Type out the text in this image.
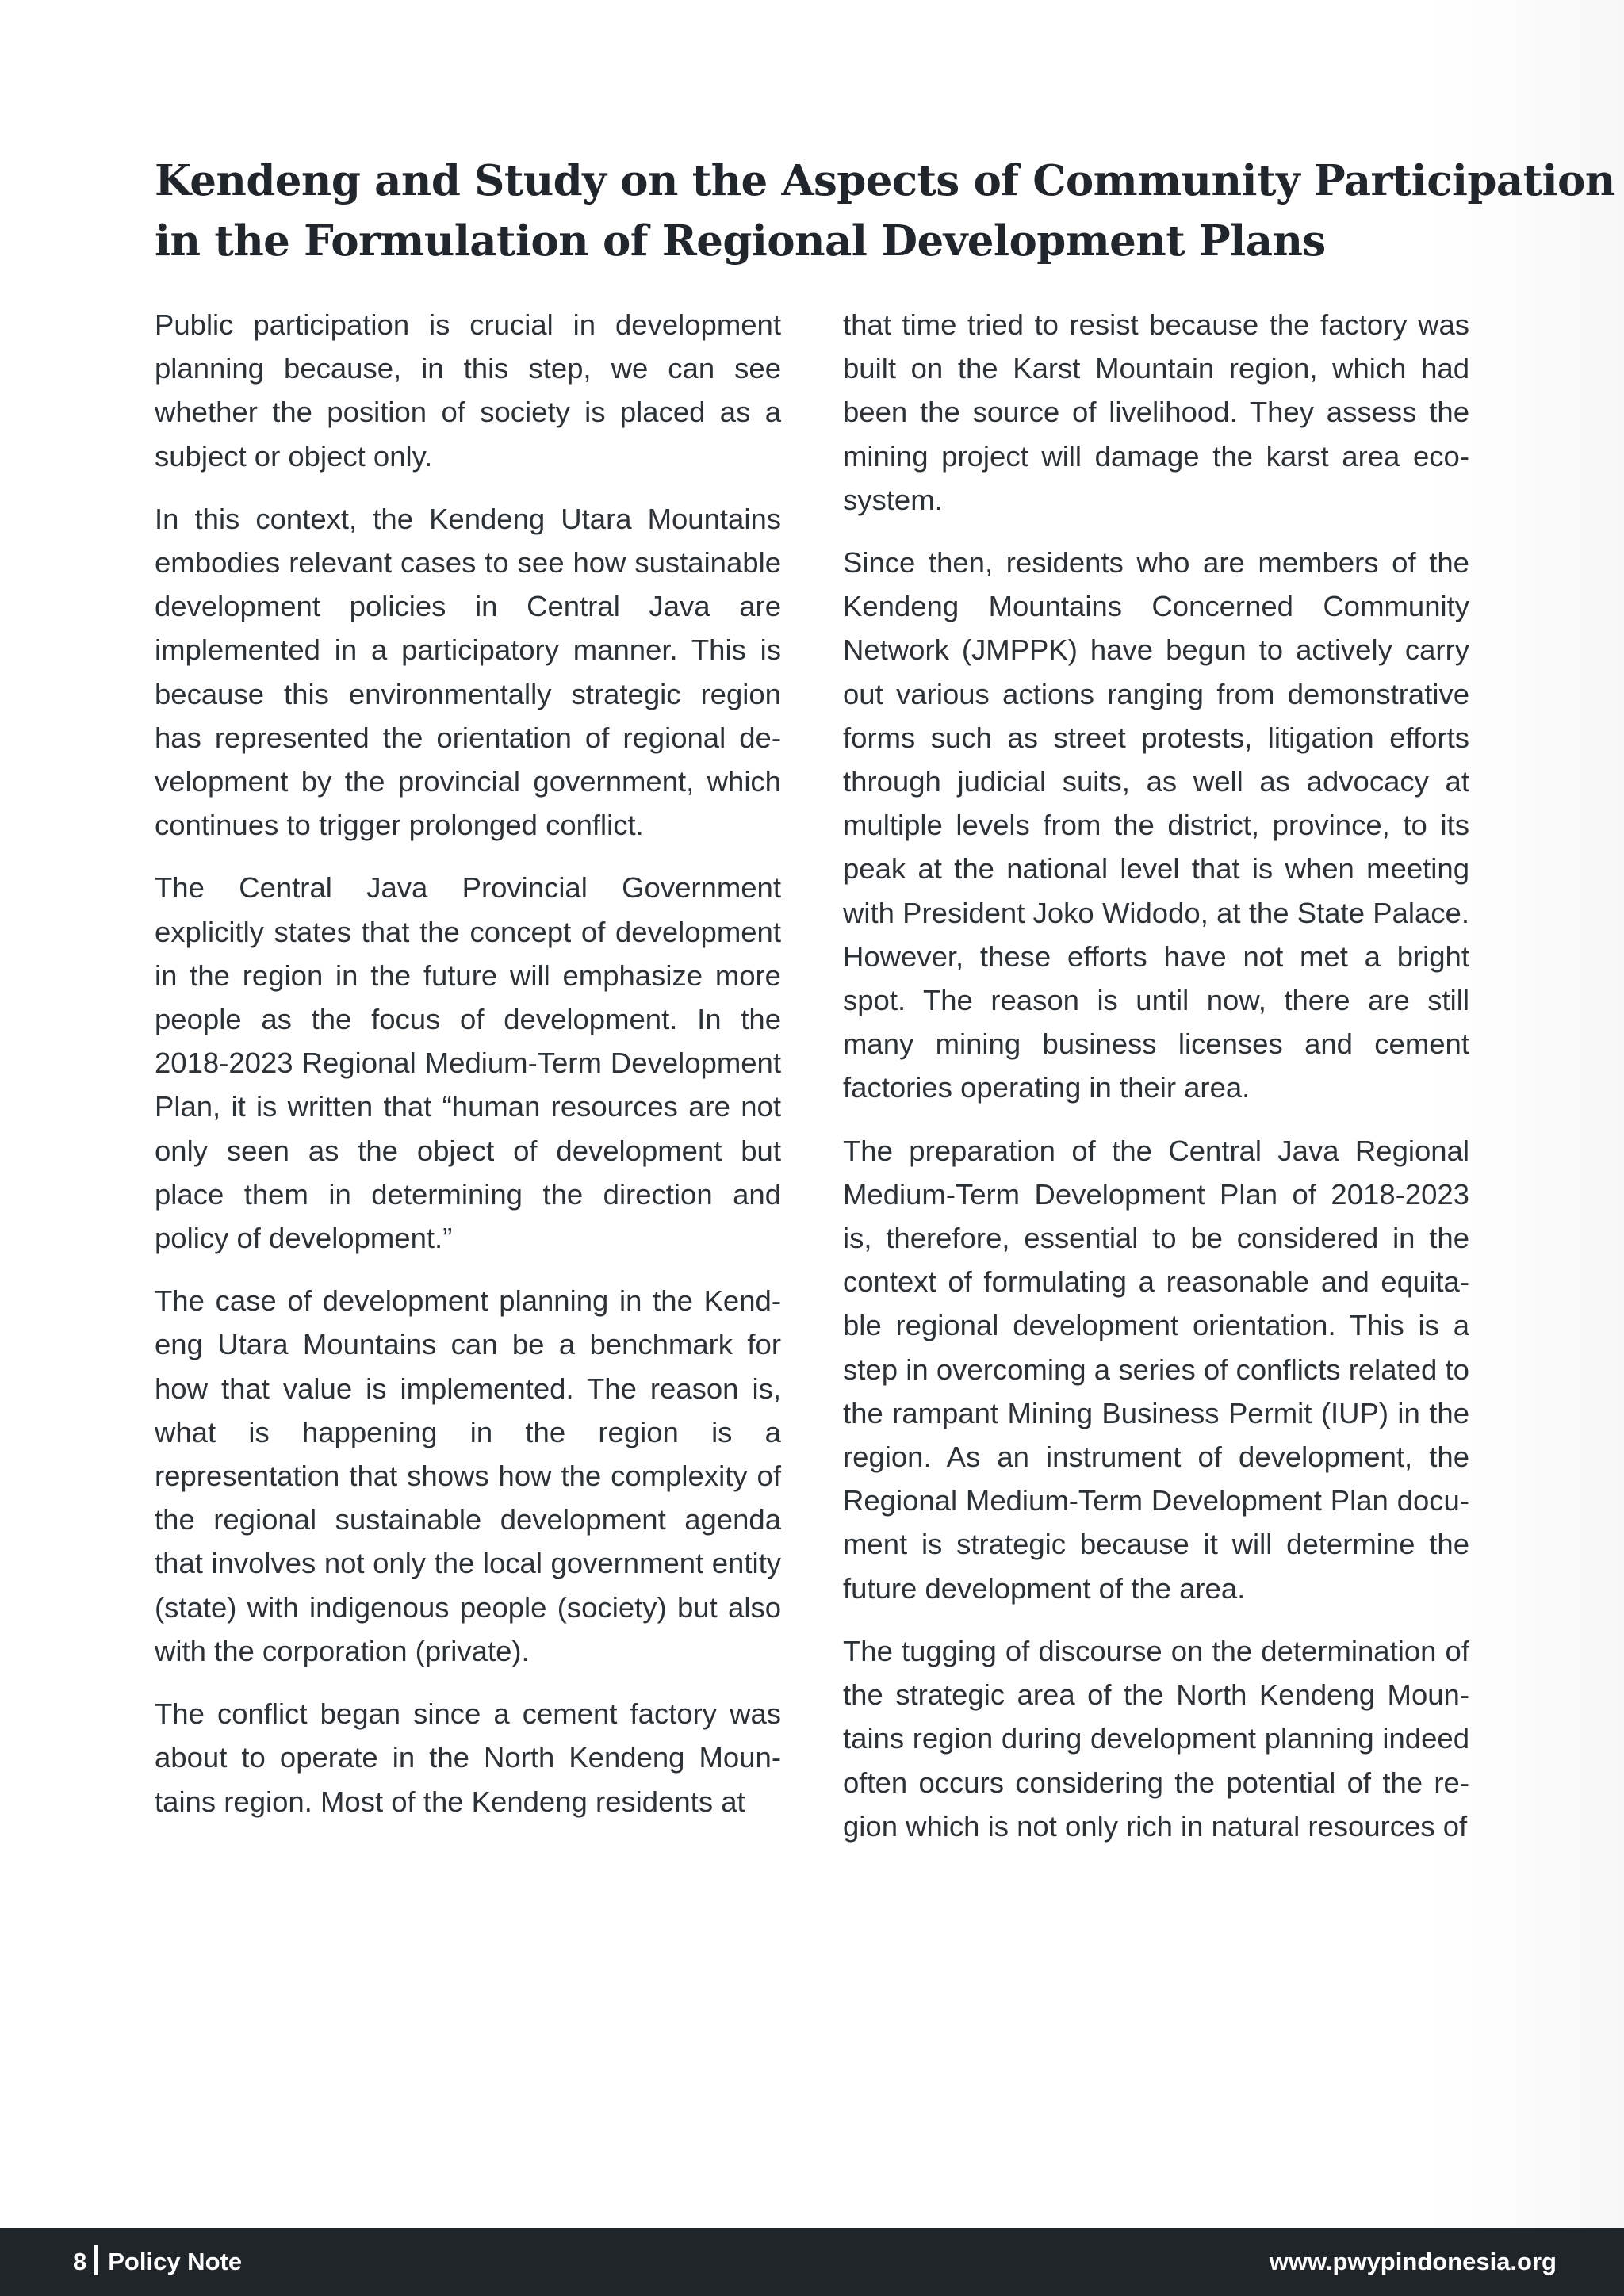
Kendeng and Study on the Aspects of Community Participation
in the Formulation of Regional Development Plans

Public participation is crucial in development planning because, in this step, we can see whether the position of society is placed as a subject or object only.

In this context, the Kendeng Utara Mountains embodies relevant cases to see how sustainable development policies in Central Java are implemented in a participatory manner. This is because this environmentally strategic region has represented the orientation of regional development by the provincial government, which continues to trigger prolonged conflict.

The Central Java Provincial Government explicitly states that the concept of development in the region in the future will emphasize more people as the focus of development. In the 2018-2023 Regional Medium-Term Development Plan, it is written that “human resources are not only seen as the object of development but place them in determining the direction and policy of development.”

The case of development planning in the Kendeng Utara Mountains can be a benchmark for how that value is implemented. The reason is, what is happening in the region is a representation that shows how the complexity of the regional sustainable development agenda that involves not only the local government entity (state) with indigenous people (society) but also with the corporation (private).

The conflict began since a cement factory was about to operate in the North Kendeng Mountains region. Most of the Kendeng residents at

that time tried to resist because the factory was built on the Karst Mountain region, which had been the source of livelihood. They assess the mining project will damage the karst area ecosystem.

Since then, residents who are members of the Kendeng Mountains Concerned Community Network (JMPPK) have begun to actively carry out various actions ranging from demonstrative forms such as street protests, litigation efforts through judicial suits, as well as advocacy at multiple levels from the district, province, to its peak at the national level that is when meeting with President Joko Widodo, at the State Palace. However, these efforts have not met a bright spot. The reason is until now, there are still many mining business licenses and cement factories operating in their area.

The preparation of the Central Java Regional Medium-Term Development Plan of 2018-2023 is, therefore, essential to be considered in the context of formulating a reasonable and equitable regional development orientation. This is a step in overcoming a series of conflicts related to the rampant Mining Business Permit (IUP) in the region. As an instrument of development, the Regional Medium-Term Development Plan document is strategic because it will determine the future development of the area.

The tugging of discourse on the determination of the strategic area of the North Kendeng Mountains region during development planning indeed often occurs considering the potential of the region which is not only rich in natural resources of

8 Policy Note	www.pwypindonesia.org
